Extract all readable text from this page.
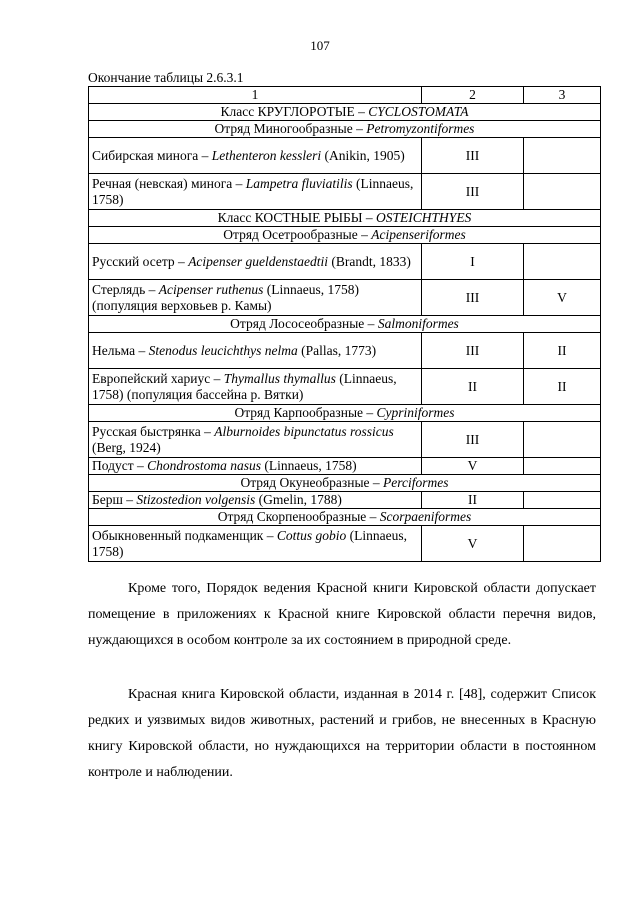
107
Окончание таблицы 2.6.3.1
1	2	3
Класс КРУГЛОРОТЫЕ – CYCLOSTOMATA		
Отряд Миногообразные – Petromyzontiformes		
Сибирская минога – Lethenteron kessleri (Anikin, 1905)	III	
Речная (невская) минога – Lampetra fluviatilis (Linnaeus, 1758)	III	
Класс КОСТНЫЕ РЫБЫ – OSTEICHTHYES		
Отряд Осетрообразные – Acipenseriformes		
Русский осетр – Acipenser gueldenstaedtii (Brandt, 1833)	I	
Стерлядь – Acipenser ruthenus (Linnaeus, 1758) (популяция верховьев р. Камы)	III	V
Отряд Лососеобразные – Salmoniformes		
Нельма – Stenodus leucichthys nelma (Pallas, 1773)	III	II
Европейский хариус – Thymallus thymallus (Linnaeus, 1758) (популяция бассейна р. Вятки)	II	II
Отряд Карпообразные – Cypriniformes		
Русская быстрянка – Alburnoides bipunctatus rossicus (Berg, 1924)	III	
Подуст – Chondrostoma nasus (Linnaeus, 1758)	V	
Отряд Окунеобразные – Perciformes		
Берш – Stizostedion volgensis (Gmelin, 1788)	II	
Отряд Скорпенообразные – Scorpaeniformes		
Обыкновенный подкаменщик – Cottus gobio (Linnaeus, 1758)	V	
Кроме того, Порядок ведения Красной книги Кировской области допускает помещение в приложениях к Красной книге Кировской области перечня видов, нуждающихся в особом контроле за их состоянием в природной среде.
Красная книга Кировской области, изданная в 2014 г. [48], содержит Список редких и уязвимых видов животных, растений и грибов, не внесенных в Красную книгу Кировской области, но нуждающихся на территории области в постоянном контроле и наблюдении.
